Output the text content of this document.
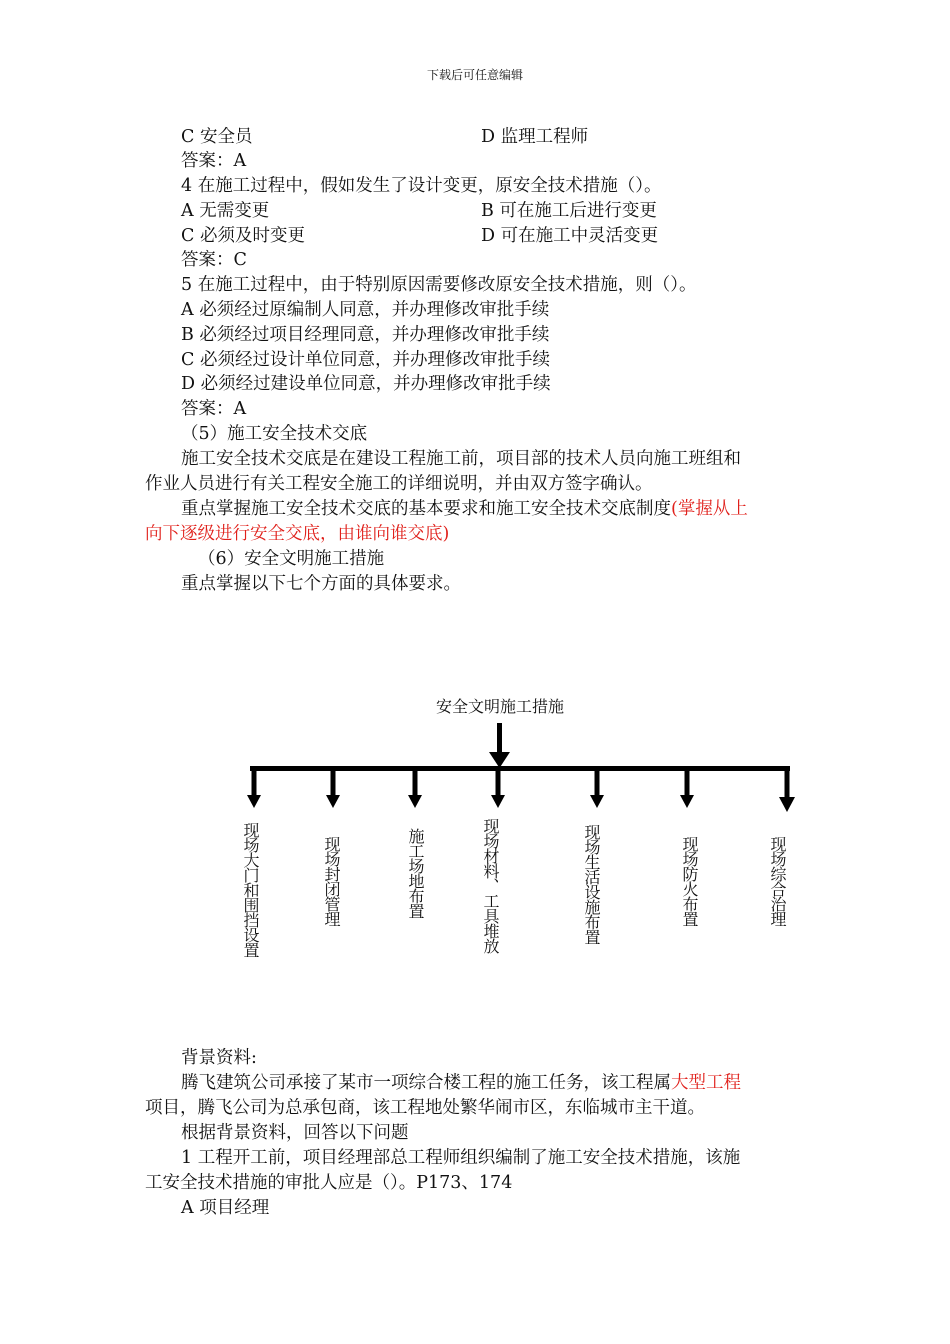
下载后可任意编辑
C 安全员	D 监理工程师
答案：A
4 在施工过程中，假如发生了设计变更，原安全技术措施（）。
A 无需变更	B 可在施工后进行变更
C 必须及时变更	D 可在施工中灵活变更
答案：C
5 在施工过程中，由于特别原因需要修改原安全技术措施，则（）。
A 必须经过原编制人同意，并办理修改审批手续
B 必须经过项目经理同意，并办理修改审批手续
C 必须经过设计单位同意，并办理修改审批手续
D 必须经过建设单位同意，并办理修改审批手续
答案：A
（5）施工安全技术交底
施工安全技术交底是在建设工程施工前，项目部的技术人员向施工班组和
作业人员进行有关工程安全施工的详细说明，并由双方签字确认。
重点掌握施工安全技术交底的基本要求和施工安全技术交底制度(掌握从上
向下逐级进行安全交底，由谁向谁交底)
（6）安全文明施工措施
重点掌握以下七个方面的具体要求。
安全文明施工措施
现场大门和围挡设置	现场封闭管理	施工场地布置	现场材料、工具堆放	现场生活设施布置	现场防火布置	现场综合治理
背景资料:
腾飞建筑公司承接了某市一项综合楼工程的施工任务，该工程属大型工程
项目，腾飞公司为总承包商，该工程地处繁华闹市区，东临城市主干道。
根据背景资料，回答以下问题
1 工程开工前，项目经理部总工程师组织编制了施工安全技术措施，该施
工安全技术措施的审批人应是（）。P173、174
A 项目经理
